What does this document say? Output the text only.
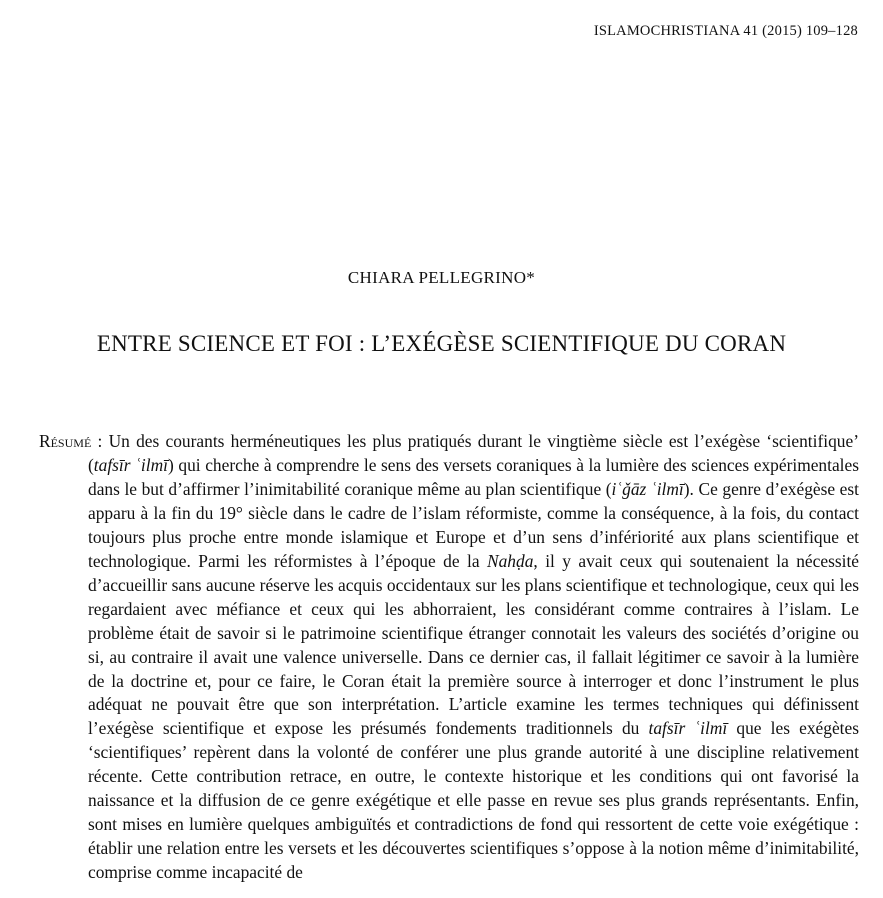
ISLAMOCHRISTIANA 41 (2015) 109–128
CHIARA PELLEGRINO*
ENTRE SCIENCE ET FOI : L’EXÉGÈSE SCIENTIFIQUE DU CORAN

Résumé : Un des courants herméneutiques les plus pratiqués durant le vingtième siècle est l’exégèse ‘scientifique’ (tafsīr ʿilmī) qui cherche à comprendre le sens des versets coraniques à la lumière des sciences expérimentales dans le but d’affirmer l’inimitabilité coranique même au plan scientifique (iʿǧāz ʿilmī). Ce genre d’exégèse est apparu à la fin du 19° siècle dans le cadre de l’islam réformiste, comme la conséquence, à la fois, du contact toujours plus proche entre monde islamique et Europe et d’un sens d’infériorité aux plans scientifique et technologique. Parmi les réformistes à l’époque de la Nahḍa, il y avait ceux qui soutenaient la nécessité d’accueillir sans aucune réserve les acquis occidentaux sur les plans scientifique et technologique, ceux qui les regardaient avec méfiance et ceux qui les abhorraient, les considérant comme contraires à l’islam. Le problème était de savoir si le patrimoine scientifique étranger connotait les valeurs des sociétés d’origine ou si, au contraire il avait une valence universelle. Dans ce dernier cas, il fallait légitimer ce savoir à la lumière de la doctrine et, pour ce faire, le Coran était la première source à interroger et donc l’instrument le plus adéquat ne pouvait être que son interprétation. L’article examine les termes techniques qui définissent l’exégèse scientifique et expose les présumés fondements traditionnels du tafsīr ʿilmī que les exégètes ‘scientifiques’ repèrent dans la volonté de conférer une plus grande autorité à une discipline relativement récente. Cette contribution retrace, en outre, le contexte historique et les conditions qui ont favorisé la naissance et la diffusion de ce genre exégétique et elle passe en revue ses plus grands représentants. Enfin, sont mises en lumière quelques ambiguïtés et contradictions de fond qui ressortent de cette voie exégétique : établir une relation entre les versets et les découvertes scientifiques s’oppose à la notion même d’inimitabilité, comprise comme incapacité de
